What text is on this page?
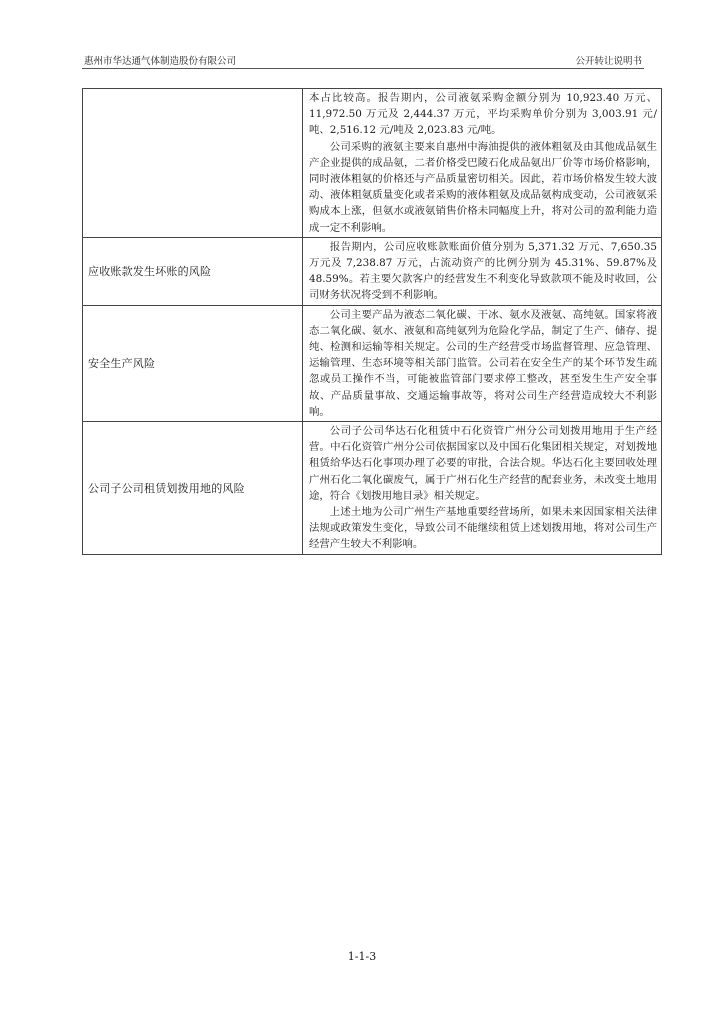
惠州市华达通气体制造股份有限公司	公开转让说明书

	本占比较高。报告期内，公司液氨采购金额分别为 10,923.40 万元、11,972.50 万元及 2,444.37 万元，平均采购单价分别为 3,003.91 元/吨、2,516.12 元/吨及 2,023.83 元/吨。

公司采购的液氨主要来自惠州中海油提供的液体粗氨及由其他成品氨生产企业提供的成品氨，二者价格受巴陵石化成品氨出厂价等市场价格影响，同时液体粗氨的价格还与产品质量密切相关。因此，若市场价格发生较大波动、液体粗氨质量变化或者采购的液体粗氨及成品氨构成变动，公司液氨采购成本上涨，但氨水或液氨销售价格未同幅度上升，将对公司的盈利能力造成一定不利影响。

应收账款发生坏账的风险	报告期内，公司应收账款账面价值分别为 5,371.32 万元、7,650.35 万元及 7,238.87 万元，占流动资产的比例分别为 45.31%、59.87%及 48.59%。若主要欠款客户的经营发生不利变化导致款项不能及时收回，公司财务状况将受到不利影响。

安全生产风险	公司主要产品为液态二氧化碳、干冰、氨水及液氨、高纯氨。国家将液态二氧化碳、氨水、液氨和高纯氨列为危险化学品，制定了生产、储存、提纯、检测和运输等相关规定。公司的生产经营受市场监督管理、应急管理、运输管理、生态环境等相关部门监管。公司若在安全生产的某个环节发生疏忽或员工操作不当，可能被监管部门要求停工整改，甚至发生生产安全事故、产品质量事故、交通运输事故等，将对公司生产经营造成较大不利影响。

公司子公司租赁划拨用地的风险	公司子公司华达石化租赁中石化资管广州分公司划拨用地用于生产经营。中石化资管广州分公司依据国家以及中国石化集团相关规定，对划拨地租赁给华达石化事项办理了必要的审批，合法合规。华达石化主要回收处理广州石化二氧化碳废气，属于广州石化生产经营的配套业务，未改变土地用途，符合《划拨用地目录》相关规定。

上述土地为公司广州生产基地重要经营场所，如果未来因国家相关法律法规或政策发生变化，导致公司不能继续租赁上述划拨用地，将对公司生产经营产生较大不利影响。

1-1-3
